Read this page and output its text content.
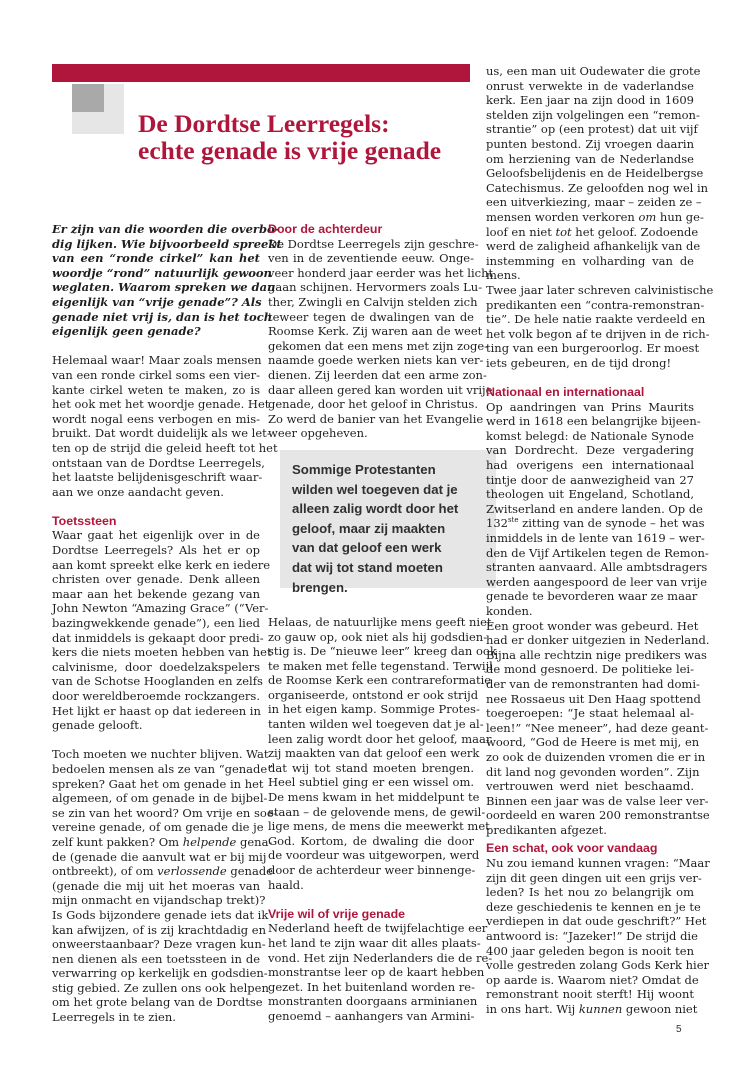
De Dordtse Leerregels:
echte genade is vrije genade
Er zijn van die woorden die overbo-
dig lijken. Wie bijvoorbeeld spreekt
van een “ronde cirkel” kan het
woordje “rond” natuurlijk gewoon
weglaten. Waarom spreken we dan
eigenlijk van “vrije genade”? Als
genade niet vrij is, dan is het toch
eigenlijk geen genade?
Helemaal waar! Maar zoals mensen
van een ronde cirkel soms een vier-
kante cirkel weten te maken, zo is
het ook met het woordje genade. Het
wordt nogal eens verbogen en mis-
bruikt. Dat wordt duidelijk als we let-
ten op de strijd die geleid heeft tot het
ontstaan van de Dordtse Leerregels,
het laatste belijdenisgeschrift waar-
aan we onze aandacht geven.
Toetssteen
Waar gaat het eigenlijk over in de
Dordtse Leerregels? Als het er op
aan komt spreekt elke kerk en iedere
christen over genade. Denk alleen
maar aan het bekende gezang van
John Newton “Amazing Grace” (“Ver-
bazingwekkende genade”), een lied
dat inmiddels is gekaapt door predi-
kers die niets moeten hebben van het
calvinisme, door doedelzakspelers
van de Schotse Hooglanden en zelfs
door wereldberoemde rockzangers.
Het lijkt er haast op dat iedereen in
genade gelooft.
Toch moeten we nuchter blijven. Wat
bedoelen mensen als ze van “genade”
spreken? Gaat het om genade in het
algemeen, of om genade in de bijbel-
se zin van het woord? Om vrije en soe-
vereine genade, of om genade die je
zelf kunt pakken? Om helpende gena-
de (genade die aanvult wat er bij mij
ontbreekt), of om verlossende genade
(genade die mij uit het moeras van
mijn onmacht en vijandschap trekt)?
Is Gods bijzondere genade iets dat ik
kan afwijzen, of is zij krachtdadig en
onweerstaanbaar? Deze vragen kun-
nen dienen als een toetssteen in de
verwarring op kerkelijk en godsdien-
stig gebied. Ze zullen ons ook helpen
om het grote belang van de Dordtse
Leerregels in te zien.
Door de achterdeur
De Dordtse Leerregels zijn geschre-
ven in de zeventiende eeuw. Onge-
veer honderd jaar eerder was het licht
gaan schijnen. Hervormers zoals Lu-
ther, Zwingli en Calvijn stelden zich
teweer tegen de dwalingen van de
Roomse Kerk. Zij waren aan de weet
gekomen dat een mens met zijn zoge-
naamde goede werken niets kan ver-
dienen. Zij leerden dat een arme zon-
daar alleen gered kan worden uit vrije
genade, door het geloof in Christus.
Zo werd de banier van het Evangelie
weer opgeheven.
Helaas, de natuurlijke mens geeft niet
zo gauw op, ook niet als hij godsdien-
stig is. De “nieuwe leer” kreeg dan ook
te maken met felle tegenstand. Terwijl
de Roomse Kerk een contrareformatie
organiseerde, ontstond er ook strijd
in het eigen kamp. Sommige Protes-
tanten wilden wel toegeven dat je al-
leen zalig wordt door het geloof, maar
zij maakten van dat geloof een werk
dat wij tot stand moeten brengen.
Heel subtiel ging er een wissel om.
De mens kwam in het middelpunt te
staan – de gelovende mens, de gewil-
lige mens, de mens die meewerkt met
God. Kortom, de dwaling die door
de voordeur was uitgeworpen, werd
door de achterdeur weer binnenge-
haald.
Vrije wil of vrije genade
Nederland heeft de twijfelachtige eer
het land te zijn waar dit alles plaats-
vond. Het zijn Nederlanders die de re-
monstrantse leer op de kaart hebben
gezet. In het buitenland worden re-
monstranten doorgaans arminianen
genoemd – aanhangers van Armini-
Sommige Protestanten
wilden wel toegeven dat je
alleen zalig wordt door het
geloof, maar zij maakten
van dat geloof een werk
dat wij tot stand moeten
brengen.
us, een man uit Oudewater die grote
onrust verwekte in de vaderlandse
kerk. Een jaar na zijn dood in 1609
stelden zijn volgelingen een “remon-
strantie” op (een protest) dat uit vijf
punten bestond. Zij vroegen daarin
om herziening van de Nederlandse
Geloofsbelijdenis en de Heidelbergse
Catechismus. Ze geloofden nog wel in
een uitverkiezing, maar – zeiden ze –
mensen worden verkoren om hun ge-
loof en niet tot het geloof. Zodoende
werd de zaligheid afhankelijk van de
instemming en volharding van de
mens.
Twee jaar later schreven calvinistische
predikanten een “contra-remonstran-
tie”. De hele natie raakte verdeeld en
het volk begon af te drijven in de rich-
ting van een burgeroorlog. Er moest
iets gebeuren, en de tijd drong!
Nationaal en internationaal
Op aandringen van Prins Maurits
werd in 1618 een belangrijke bijeen-
komst belegd: de Nationale Synode
van Dordrecht. Deze vergadering
had overigens een internationaal
tintje door de aanwezigheid van 27
theologen uit Engeland, Schotland,
Zwitserland en andere landen. Op de
132ste zitting van de synode – het was
inmiddels in de lente van 1619 – wer-
den de Vijf Artikelen tegen de Remon-
stranten aanvaard. Alle ambtsdragers
werden aangespoord de leer van vrije
genade te bevorderen waar ze maar
konden.
Een groot wonder was gebeurd. Het
had er donker uitgezien in Nederland.
Bijna alle rechtzin nige predikers was
de mond gesnoerd. De politieke lei-
der van de remonstranten had domi-
nee Rossaeus uit Den Haag spottend
toegeroepen: “Je staat helemaal al-
leen!” “Nee meneer”, had deze geant-
woord, “God de Heere is met mij, en
zo ook de duizenden vromen die er in
dit land nog gevonden worden”. Zijn
vertrouwen werd niet beschaamd.
Binnen een jaar was de valse leer ver-
oordeeld en waren 200 remonstrantse
predikanten afgezet.
Een schat, ook voor vandaag
Nu zou iemand kunnen vragen: “Maar
zijn dit geen dingen uit een grijs ver-
leden? Is het nou zo belangrijk om
deze geschiedenis te kennen en je te
verdiepen in dat oude geschrift?” Het
antwoord is: “Jazeker!” De strijd die
400 jaar geleden begon is nooit ten
volle gestreden zolang Gods Kerk hier
op aarde is. Waarom niet? Omdat de
remonstrant nooit sterft! Hij woont
in ons hart. Wij kunnen gewoon niet
5
